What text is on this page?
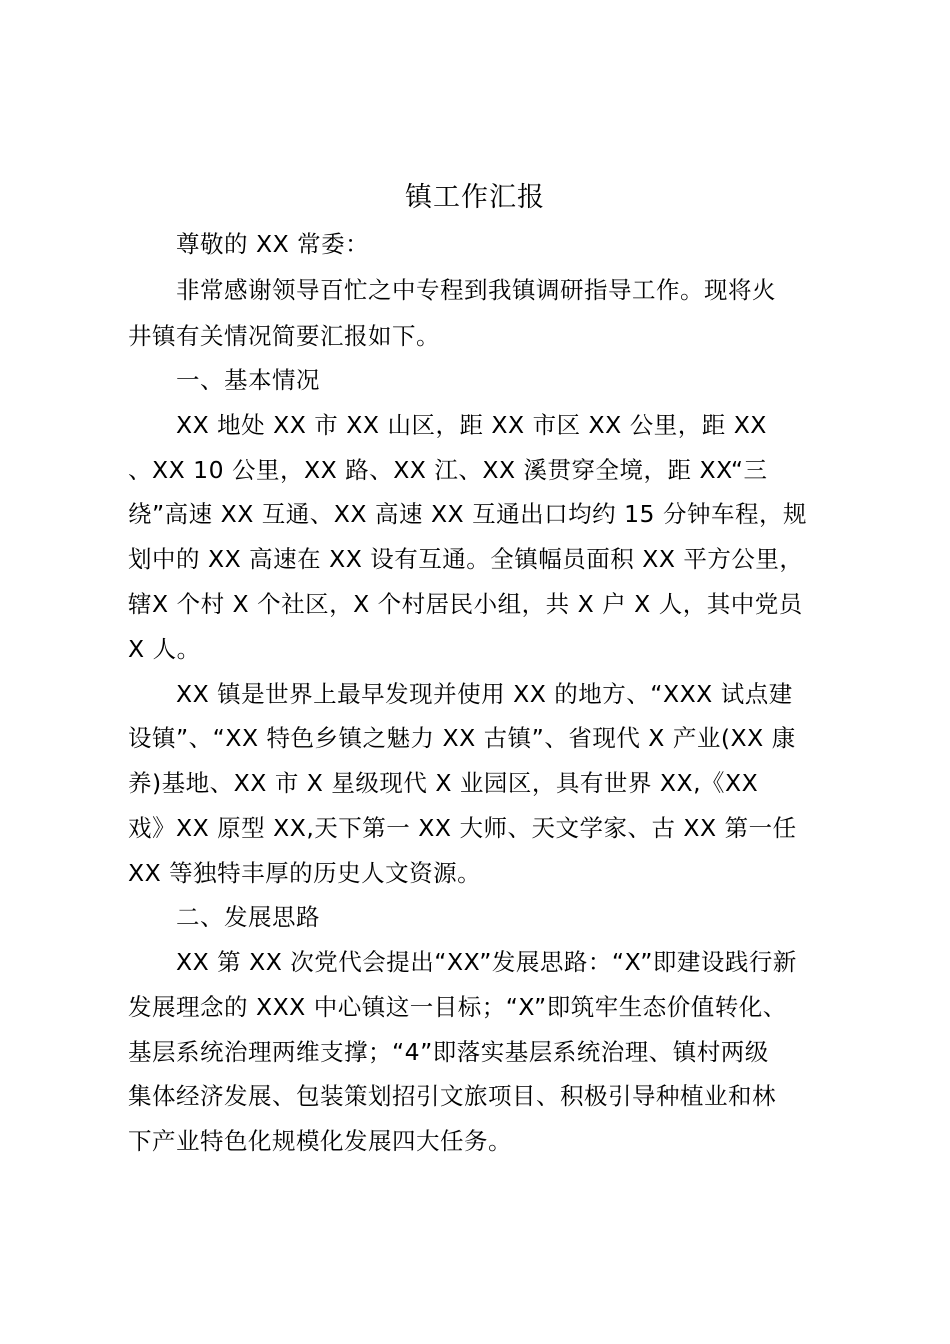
镇工作汇报
尊敬的 XX 常委：
非常感谢领导百忙之中专程到我镇调研指导工作。现将火
井镇有关情况简要汇报如下。
一、基本情况
XX 地处 XX 市 XX 山区，距 XX 市区 XX 公里，距 XX
、XX 10 公里，XX 路、XX 江、XX 溪贯穿全境，距 XX“三
绕”高速 XX 互通、XX 高速 XX 互通出口均约 15 分钟车程，规
划中的 XX 高速在 XX 设有互通。全镇幅员面积 XX 平方公里，
辖X 个村 X 个社区，X 个村居民小组，共 X 户 X 人，其中党员
X 人。
XX 镇是世界上最早发现并使用 XX 的地方、“XXX 试点建
设镇”、“XX 特色乡镇之魅力 XX 古镇”、省现代 X 产业(XX 康
养)基地、XX 市 X 星级现代 X 业园区，具有世界 XX,《XX
戏》XX 原型 XX,天下第一 XX 大师、天文学家、古 XX 第一任
XX 等独特丰厚的历史人文资源。
二、发展思路
XX 第 XX 次党代会提出“XX”发展思路：“X”即建设践行新
发展理念的 XXX 中心镇这一目标；“X”即筑牢生态价值转化、
基层系统治理两维支撑；“4”即落实基层系统治理、镇村两级
集体经济发展、包装策划招引文旅项目、积极引导种植业和林
下产业特色化规模化发展四大任务。
